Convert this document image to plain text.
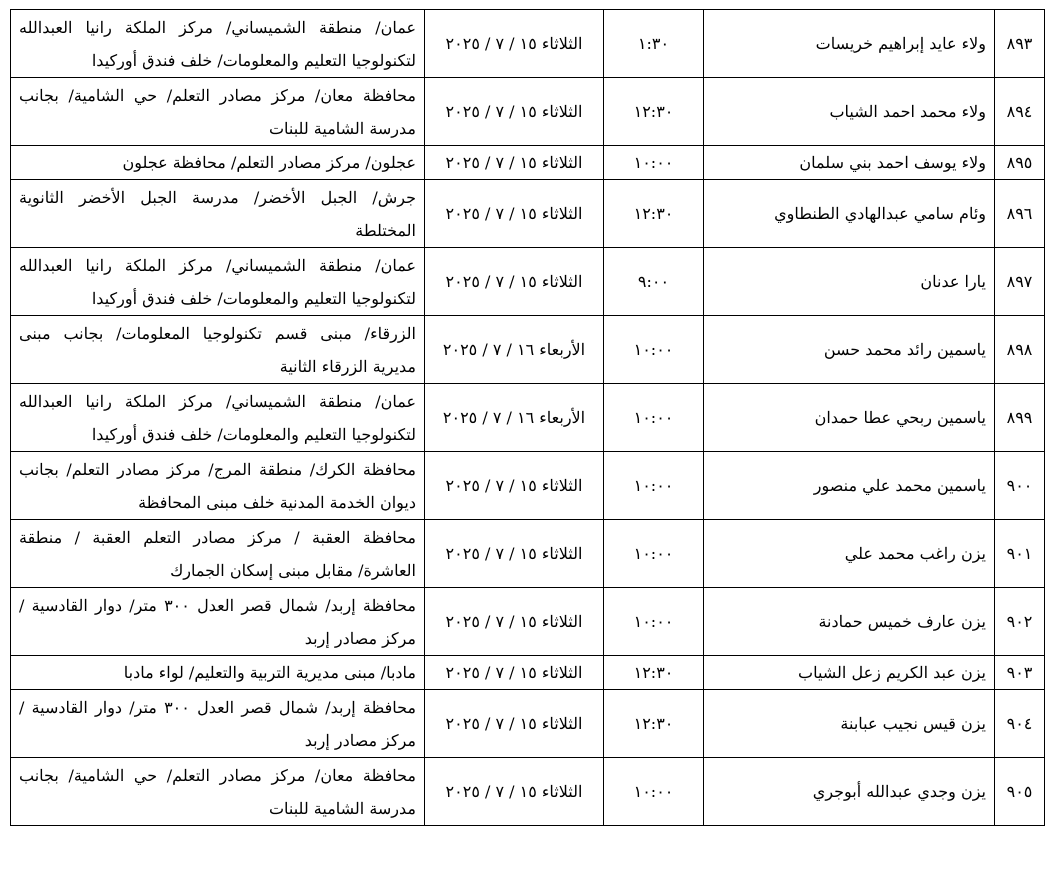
٨٩٣	ولاء عايد إبراهيم خريسات	١:٣٠	الثلاثاء ١٥ / ٧ / ٢٠٢٥	عمان/ منطقة الشميساني/ مركز الملكة رانيا العبدالله لتكنولوجيا التعليم والمعلومات/ خلف فندق أوركيدا
٨٩٤	ولاء محمد احمد الشياب	١٢:٣٠	الثلاثاء ١٥ / ٧ / ٢٠٢٥	محافظة معان/ مركز مصادر التعلم/ حي الشامية/ بجانب مدرسة الشامية للبنات
٨٩٥	ولاء يوسف احمد بني سلمان	١٠:٠٠	الثلاثاء ١٥ / ٧ / ٢٠٢٥	عجلون/ مركز مصادر التعلم/ محافظة عجلون
٨٩٦	وئام سامي عبدالهادي الطنطاوي	١٢:٣٠	الثلاثاء ١٥ / ٧ / ٢٠٢٥	جرش/ الجبل الأخضر/ مدرسة الجبل الأخضر الثانوية المختلطة
٨٩٧	يارا عدنان	٩:٠٠	الثلاثاء ١٥ / ٧ / ٢٠٢٥	عمان/ منطقة الشميساني/ مركز الملكة رانيا العبدالله لتكنولوجيا التعليم والمعلومات/ خلف فندق أوركيدا
٨٩٨	ياسمين رائد محمد حسن	١٠:٠٠	الأربعاء ١٦ / ٧ / ٢٠٢٥	الزرقاء/ مبنى قسم تكنولوجيا المعلومات/ بجانب مبنى مديرية الزرقاء الثانية
٨٩٩	ياسمين ربحي عطا حمدان	١٠:٠٠	الأربعاء ١٦ / ٧ / ٢٠٢٥	عمان/ منطقة الشميساني/ مركز الملكة رانيا العبدالله لتكنولوجيا التعليم والمعلومات/ خلف فندق أوركيدا
٩٠٠	ياسمين محمد علي منصور	١٠:٠٠	الثلاثاء ١٥ / ٧ / ٢٠٢٥	محافظة الكرك/ منطقة المرج/ مركز مصادر التعلم/ بجانب ديوان الخدمة المدنية خلف مبنى المحافظة
٩٠١	يزن راغب محمد علي	١٠:٠٠	الثلاثاء ١٥ / ٧ / ٢٠٢٥	محافظة العقبة / مركز مصادر التعلم العقبة / منطقة العاشرة/ مقابل مبنى إسكان الجمارك
٩٠٢	يزن عارف خميس حمادنة	١٠:٠٠	الثلاثاء ١٥ / ٧ / ٢٠٢٥	محافظة إربد/ شمال قصر العدل ٣٠٠ متر/ دوار القادسية / مركز مصادر إربد
٩٠٣	يزن عبد الكريم زعل الشياب	١٢:٣٠	الثلاثاء ١٥ / ٧ / ٢٠٢٥	مادبا/ مبنى مديرية التربية والتعليم/ لواء مادبا
٩٠٤	يزن قيس نجيب عبابنة	١٢:٣٠	الثلاثاء ١٥ / ٧ / ٢٠٢٥	محافظة إربد/ شمال قصر العدل ٣٠٠ متر/ دوار القادسية / مركز مصادر إربد
٩٠٥	يزن وجدي عبدالله أبوجري	١٠:٠٠	الثلاثاء ١٥ / ٧ / ٢٠٢٥	محافظة معان/ مركز مصادر التعلم/ حي الشامية/ بجانب مدرسة الشامية للبنات
